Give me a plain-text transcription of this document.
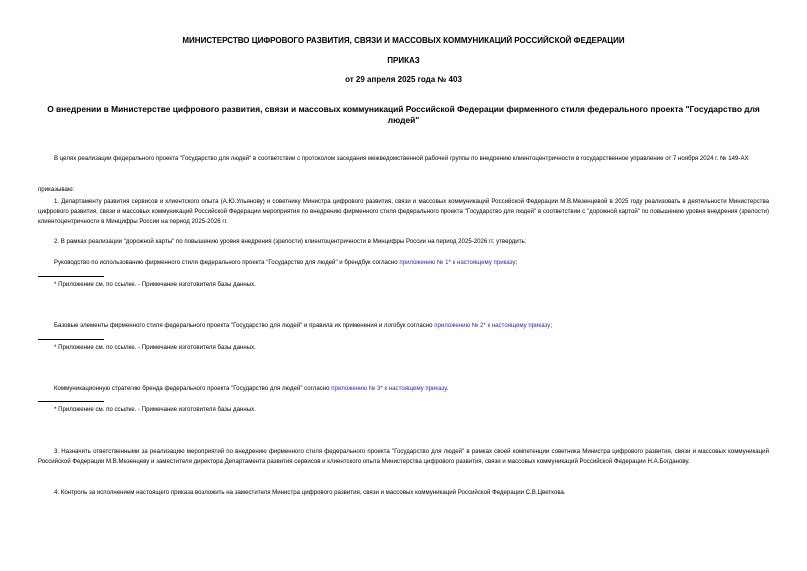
МИНИСТЕРСТВО ЦИФРОВОГО РАЗВИТИЯ, СВЯЗИ И МАССОВЫХ КОММУНИКАЦИЙ РОССИЙСКОЙ ФЕДЕРАЦИИ
ПРИКАЗ
от 29 апреля 2025 года № 403
О внедрении в Министерстве цифрового развития, связи и массовых коммуникаций Российской Федерации фирменного стиля федерального проекта "Государство для людей"
В целях реализации федерального проекта "Государство для людей" в соответствии с протоколом заседания межведомственной рабочей группы по внедрению клиентоцентричности в государственное управление от 7 ноября 2024 г. № 149-АХ
приказываю:
1. Департаменту развития сервисов и клиентского опыта (А.Ю.Ульянову) и советнику Министра цифрового развития, связи и массовых коммуникаций Российской Федерации М.В.Мезенцевой в 2025 году реализовать в деятельности Министерства цифрового развития, связи и массовых коммуникаций Российской Федерации мероприятия по внедрению фирменного стиля федерального проекта "Государство для людей" в соответствии с "дорожной картой" по повышению уровня внедрения (зрелости) клиентоцентричности в Минцифры России на период 2025-2026 гг.
2. В рамках реализации "дорожной карты" по повышению уровня внедрения (зрелости) клиентоцентричности в Минцифры России на период 2025-2026 гг. утвердить:
Руководство по использованию фирменного стиля федерального проекта "Государство для людей" и брендбук согласно приложению № 1* к настоящему приказу;
* Приложение см. по ссылке. - Примечание изготовителя базы данных.
Базовые элементы фирменного стиля федерального проекта "Государство для людей" и правила их применения и логобук согласно приложению № 2* к настоящему приказу;
* Приложение см. по ссылке. - Примечание изготовителя базы данных.
Коммуникационную стратегию бренда федерального проекта "Государство для людей" согласно приложению № 3* к настоящему приказу.
* Приложение см. по ссылке. - Примечание изготовителя базы данных.
3. Назначить ответственными за реализацию мероприятий по внедрению фирменного стиля федерального проекта "Государство для людей" в рамках своей компетенции советника Министра цифрового развития, связи и массовых коммуникаций Российской Федерации М.В.Мезенцеву и заместителя директора Департамента развития сервисов и клиентского опыта Министерства цифрового развития, связи и массовых коммуникаций Российской Федерации Н.А.Богданову.
4. Контроль за исполнением настоящего приказа возложить на заместителя Министра цифрового развития, связи и массовых коммуникаций Российской Федерации С.В.Цветкова.
